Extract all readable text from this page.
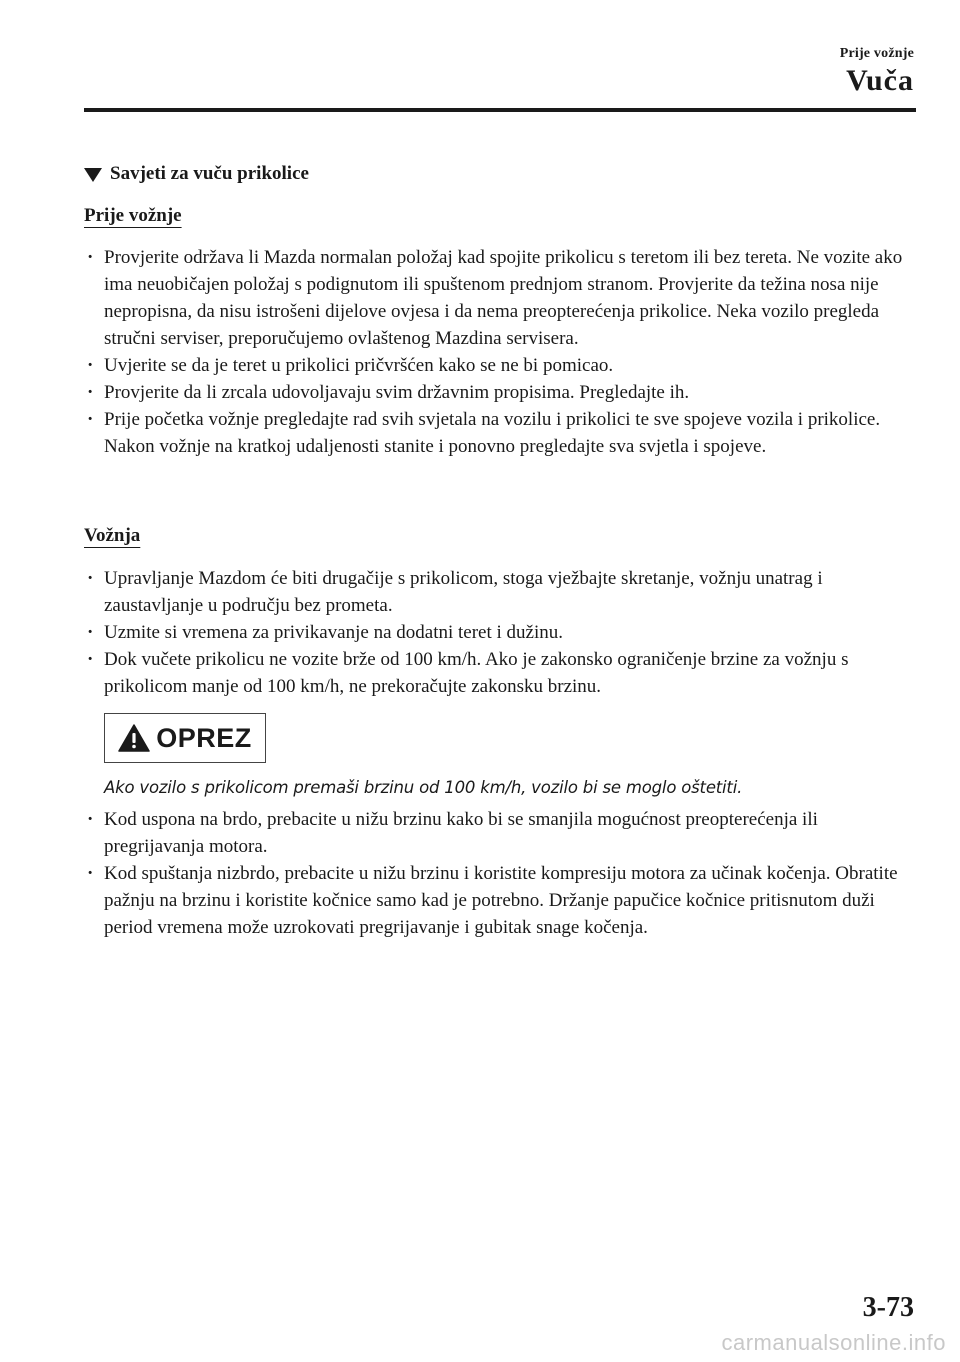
Prije vožnje
Vuča
Savjeti za vuču prikolice
Prije vožnje
· Provjerite održava li Mazda normalan položaj kad spojite prikolicu s teretom ili bez tereta. Ne vozite ako ima neuobičajen položaj s podignutom ili spuštenom prednjom stranom. Provjerite da težina nosa nije nepropisna, da nisu istrošeni dijelove ovjesa i da nema preopterećenja prikolice. Neka vozilo pregleda stručni serviser, preporučujemo ovlaštenog Mazdina servisera.
· Uvjerite se da je teret u prikolici pričvršćen kako se ne bi pomicao.
· Provjerite da li zrcala udovoljavaju svim državnim propisima. Pregledajte ih.
· Prije početka vožnje pregledajte rad svih svjetala na vozilu i prikolici te sve spojeve vozila i prikolice. Nakon vožnje na kratkoj udaljenosti stanite i ponovno pregledajte sva svjetla i spojeve.
Vožnja
· Upravljanje Mazdom će biti drugačije s prikolicom, stoga vježbajte skretanje, vožnju unatrag i zaustavljanje u području bez prometa.
· Uzmite si vremena za privikavanje na dodatni teret i dužinu.
· Dok vučete prikolicu ne vozite brže od 100 km/h. Ako je zakonsko ograničenje brzine za vožnju s prikolicom manje od 100 km/h, ne prekoračujte zakonsku brzinu.
OPREZ
Ako vozilo s prikolicom premaši brzinu od 100 km/h, vozilo bi se moglo oštetiti.
· Kod uspona na brdo, prebacite u nižu brzinu kako bi se smanjila mogućnost preopterećenja ili pregrijavanja motora.
· Kod spuštanja nizbrdo, prebacite u nižu brzinu i koristite kompresiju motora za učinak kočenja. Obratite pažnju na brzinu i koristite kočnice samo kad je potrebno. Držanje papučice kočnice pritisnutom duži period vremena može uzrokovati pregrijavanje i gubitak snage kočenja.
3-73
carmanualsonline.info
